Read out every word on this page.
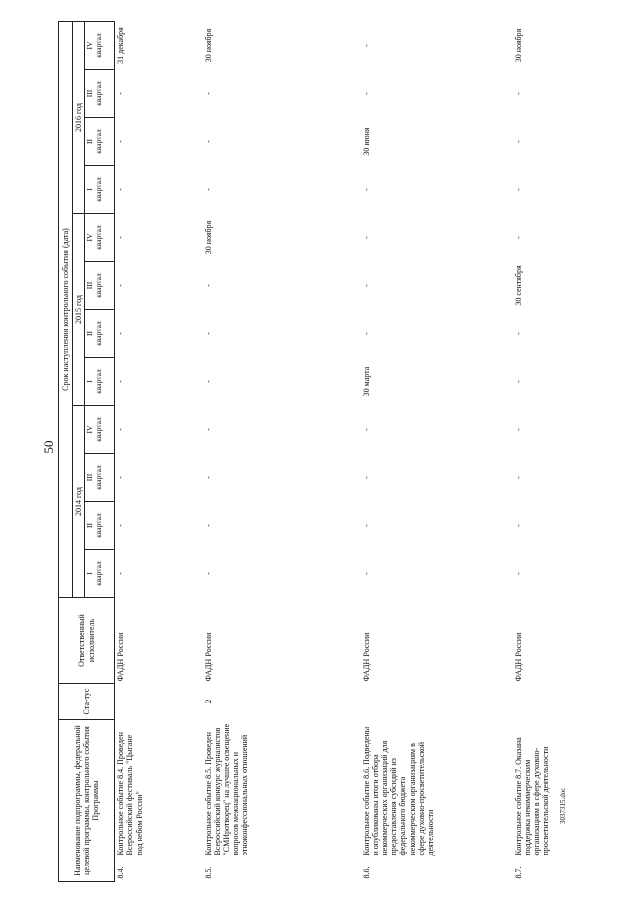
50
3037315.doc
Наименование подпрограммы, федеральной целевой программы, контрольного события Программы		Ста-тус	Ответственный исполнитель	Срок наступления контрольного события (дата)											
				2014 год				2015 год				2016 год			
				I квартал	II квартал	III квартал	IV квартал	I квартал	II квартал	III квартал	IV квартал	I квартал	II квартал	III квартал	IV квартал

8.4.	Контрольное событие 8.4. Проведен Всероссийский фестиваль "Цыгане под небом России"		ФАДН России	-	-	-	-	-	-	-	-	-	-	-	31 декабря
8.5.	Контрольное событие 8.5. Проведен Всероссийский конкурс журналистов "СМИротворец" на лучшее освещение вопросов межнациональных и этноконфессиональных отношений	2	ФАДН России	-	-	-	-	-	-	-	30 ноября	-	-	-	30 ноября
8.6.	Контрольное событие 8.6. Подведены и опубликованы итоги отбора некоммерческих организаций для предоставления субсидий из федерального бюджета некоммерческим организациям в сфере духовно-просветительской деятельности		ФАДН России	-	-	-	-	30 марта	-	-	-	-	30 июня	-	-
8.7.	Контрольное событие 8.7. Оказана поддержка некоммерческим организациям в сфере духовно-просветительской деятельности		ФАДН России	-	-	-	-	-	-	30 сентября	-	-	-	-	30 ноября
